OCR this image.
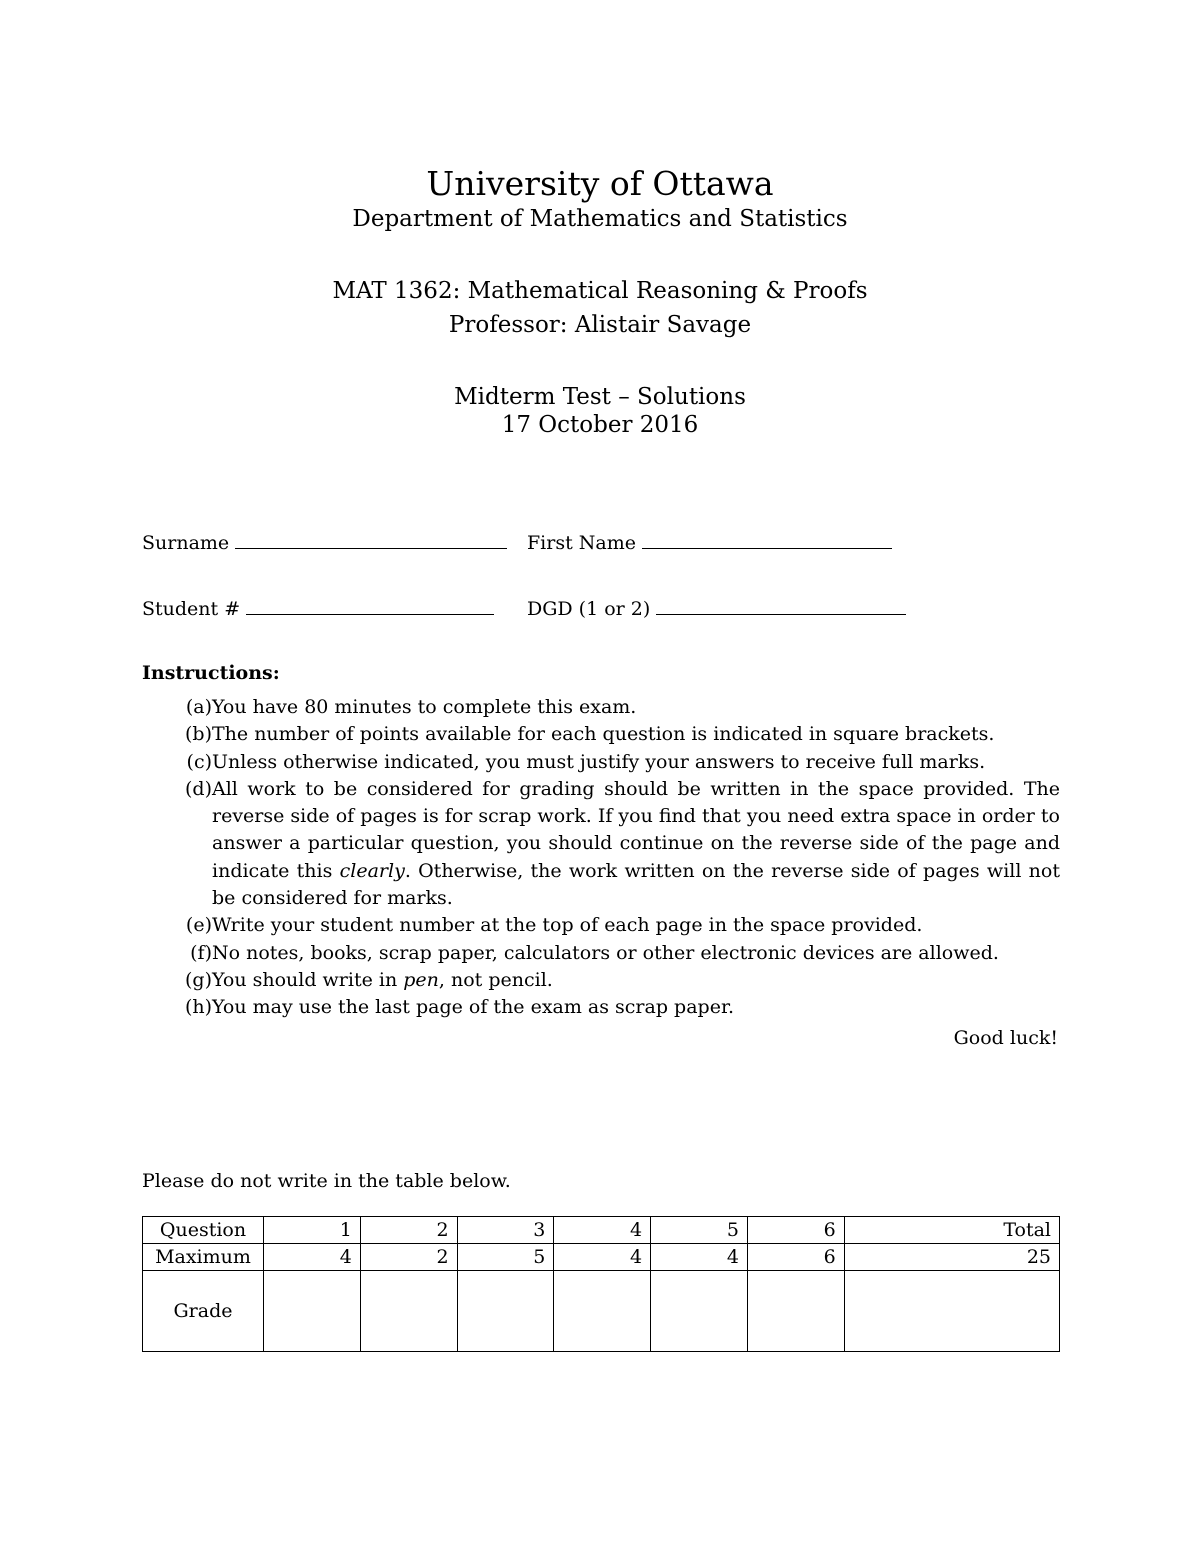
University of Ottawa
Department of Mathematics and Statistics
MAT 1362: Mathematical Reasoning & Proofs
Professor: Alistair Savage
Midterm Test – Solutions
17 October 2016
Surname	First Name
Student #	DGD (1 or 2)
Instructions:
(a) You have 80 minutes to complete this exam.
(b) The number of points available for each question is indicated in square brackets.
(c) Unless otherwise indicated, you must justify your answers to receive full marks.
(d) All work to be considered for grading should be written in the space provided. The reverse side of pages is for scrap work. If you find that you need extra space in order to answer a particular question, you should continue on the reverse side of the page and indicate this clearly. Otherwise, the work written on the reverse side of pages will not be considered for marks.
(e) Write your student number at the top of each page in the space provided.
(f) No notes, books, scrap paper, calculators or other electronic devices are allowed.
(g) You should write in pen, not pencil.
(h) You may use the last page of the exam as scrap paper.
Good luck!
Please do not write in the table below.
Question	1	2	3	4	5	6	Total
Maximum	4	2	5	4	4	6	25
Grade							
